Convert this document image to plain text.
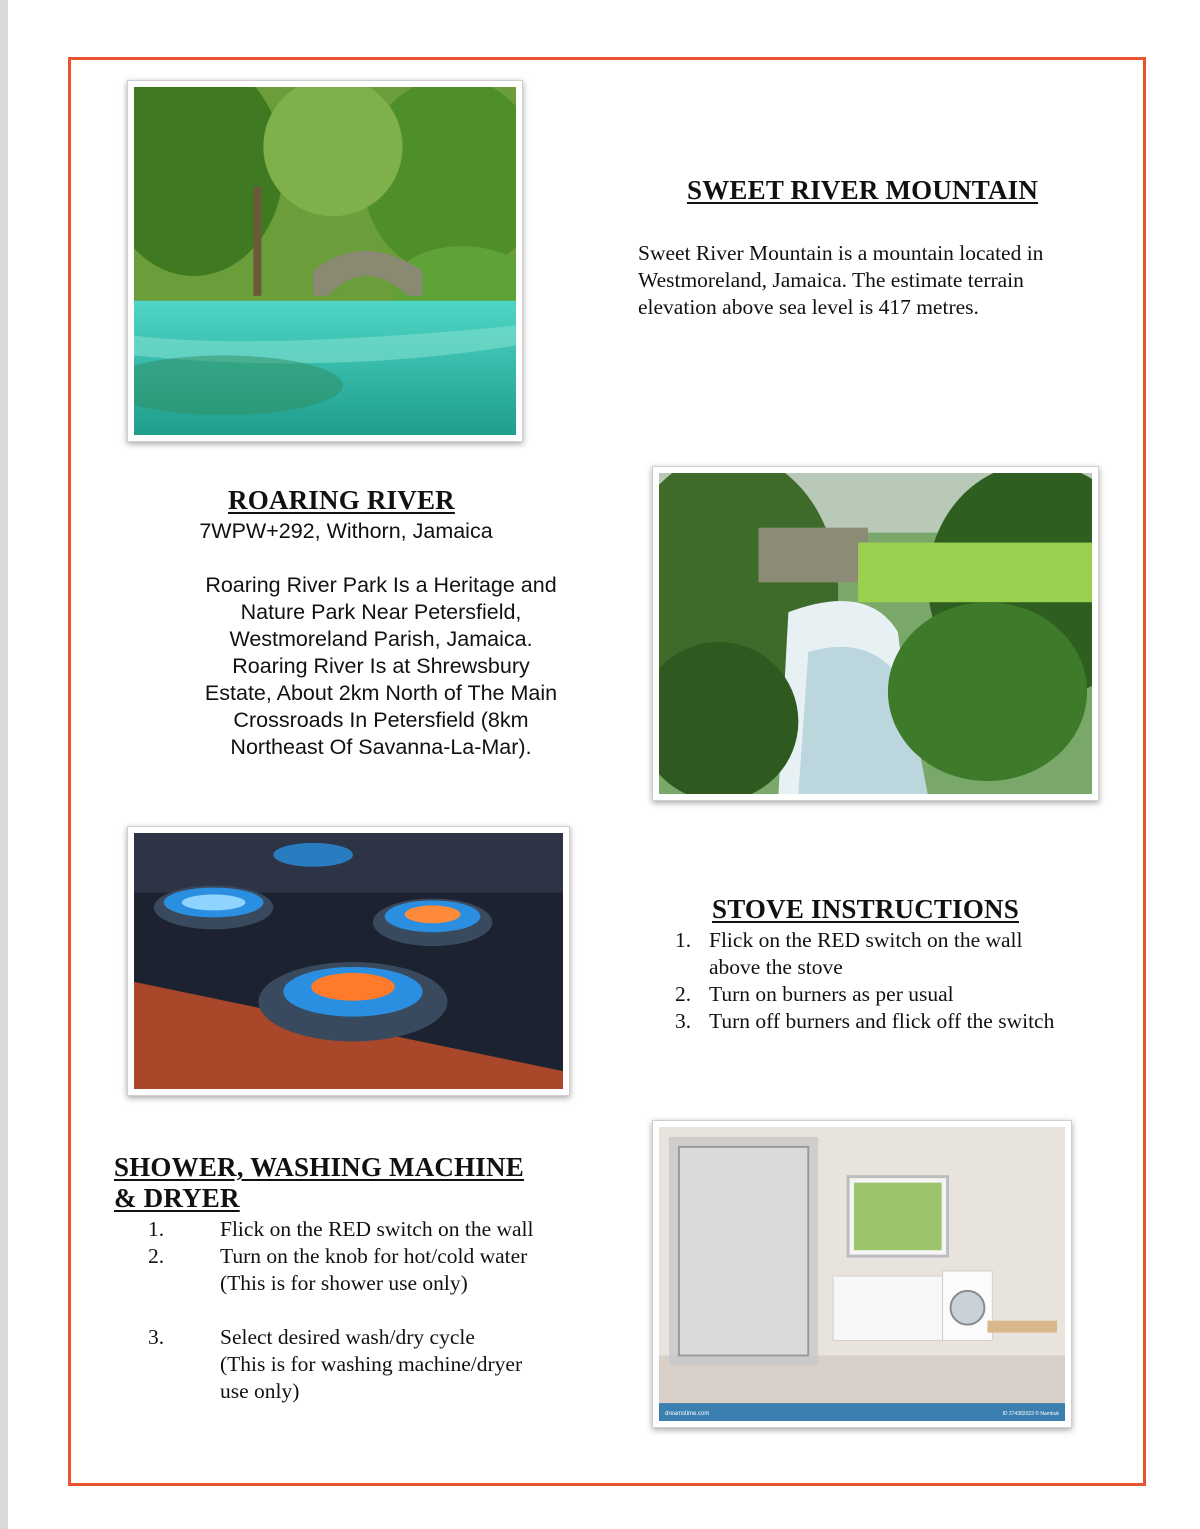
SWEET RIVER MOUNTAIN
Sweet River Mountain is a mountain located in
Westmoreland, Jamaica. The estimate terrain
elevation above sea level is 417 metres.
ROARING RIVER
7WPW+292, Withorn, Jamaica
Roaring River Park Is a Heritage and
Nature Park Near Petersfield,
Westmoreland Parish, Jamaica.
Roaring River Is at Shrewsbury
Estate, About 2km North of The Main
Crossroads In Petersfield (8km
Northeast Of Savanna-La-Mar).
STOVE INSTRUCTIONS
1. Flick on the RED switch on the wall
above the stove
2. Turn on burners as per usual
3. Turn off burners and flick off the switch
dreamstime.com	ID 274382023 © Nambuk
SHOWER, WASHING MACHINE
& DRYER
1.	Flick on the RED switch on the wall
2.	Turn on the knob for hot/cold water
(This is for shower use only)
3.	Select desired wash/dry cycle
(This is for washing machine/dryer
use only)
